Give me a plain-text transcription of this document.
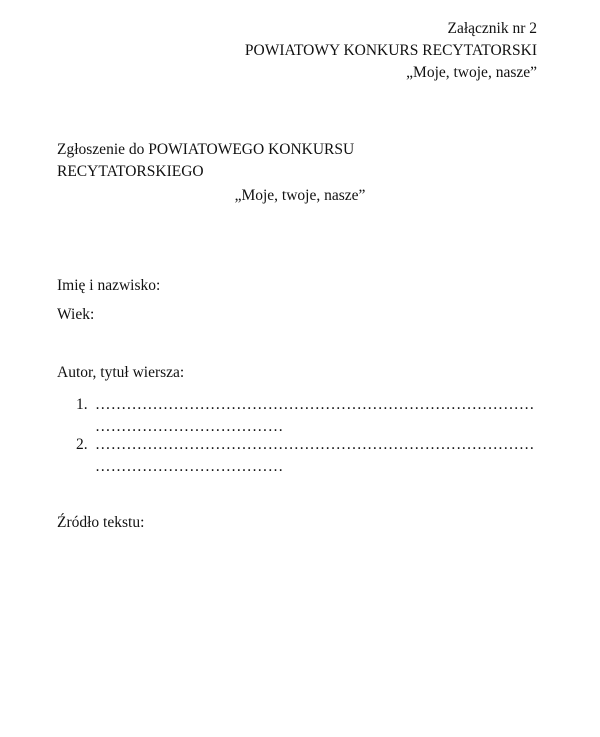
Załącznik nr 2
POWIATOWY KONKURS RECYTATORSKI
„Moje, twoje, nasze”
Zgłoszenie do POWIATOWEGO KONKURSU RECYTATORSKIEGO
„Moje, twoje, nasze”
Imię i nazwisko:
Wiek:
Autor, tytuł wiersza:
1. …………………………………………………………………………
………………………………
2. …………………………………………………………………………
………………………………
Źródło tekstu:
